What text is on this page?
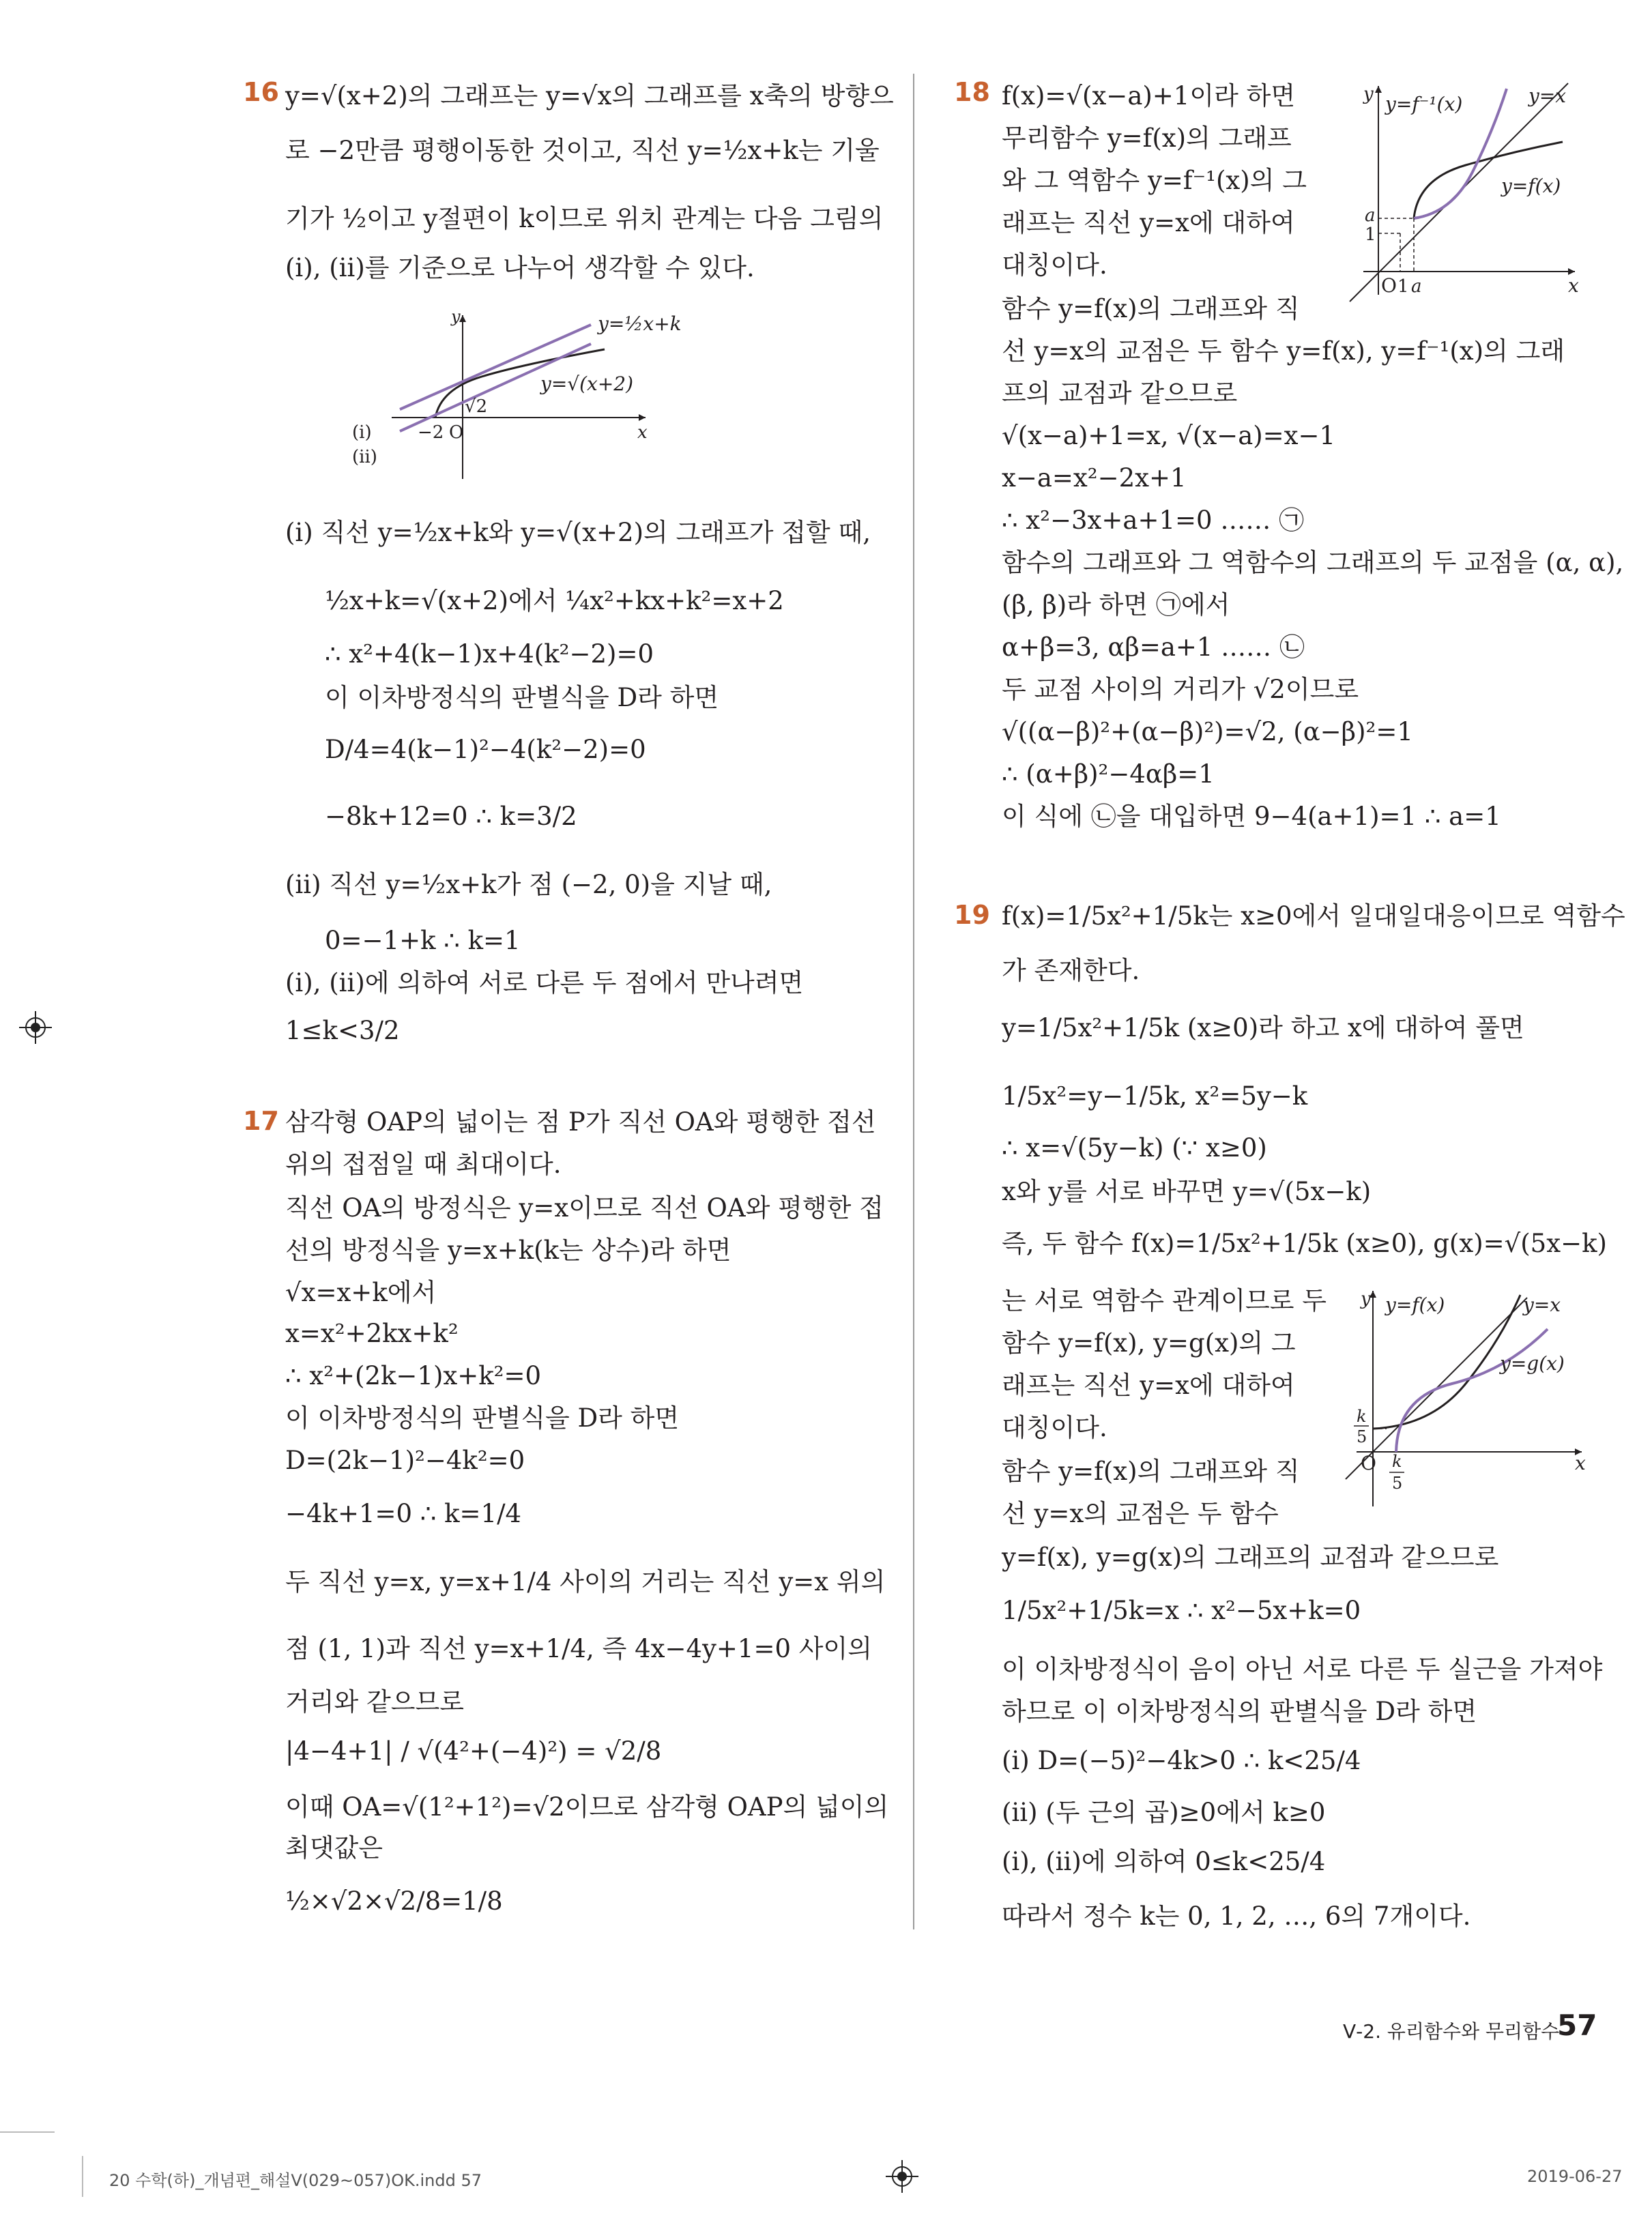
16 y=√(x+2)의 그래프는 y=√x의 그래프를 x축의 방향으
로 −2만큼 평행이동한 것이고, 직선 y=½x+k는 기울
기가 ½이고 y절편이 k이므로 위치 관계는 다음 그림의
(ⅰ), (ⅱ)를 기준으로 나누어 생각할 수 있다.
y
x
O
−2
√2
y=½x+k
y=√(x+2)
(ⅰ)
(ⅱ)
(ⅰ) 직선 y=½x+k와 y=√(x+2)의 그래프가 접할 때,
½x+k=√(x+2)에서 ¼x²+kx+k²=x+2
∴ x²+4(k−1)x+4(k²−2)=0
이 이차방정식의 판별식을 D라 하면
D/4=4(k−1)²−4(k²−2)=0
−8k+12=0 ∴ k=3/2
(ⅱ) 직선 y=½x+k가 점 (−2, 0)을 지날 때,
0=−1+k ∴ k=1
(ⅰ), (ⅱ)에 의하여 서로 다른 두 점에서 만나려면
1≤k<3/2
17 삼각형 OAP의 넓이는 점 P가 직선 OA와 평행한 접선
위의 접점일 때 최대이다.
직선 OA의 방정식은 y=x이므로 직선 OA와 평행한 접
선의 방정식을 y=x+k(k는 상수)라 하면
√x=x+k에서
x=x²+2kx+k²
∴ x²+(2k−1)x+k²=0
이 이차방정식의 판별식을 D라 하면
D=(2k−1)²−4k²=0
−4k+1=0 ∴ k=1/4
두 직선 y=x, y=x+1/4 사이의 거리는 직선 y=x 위의
점 (1, 1)과 직선 y=x+1/4, 즉 4x−4y+1=0 사이의
거리와 같으므로
|4−4+1| / √(4²+(−4)²) = √2/8
이때 OA=√(1²+1²)=√2이므로 삼각형 OAP의 넓이의
최댓값은
½×√2×√2/8=1/8
18 f(x)=√(x−a)+1이라 하면
무리함수 y=f(x)의 그래프
와 그 역함수 y=f⁻¹(x)의 그
래프는 직선 y=x에 대하여
대칭이다.
y
x
O
y=f⁻¹(x)	y=x
y=f(x)
a
1
1 a
함수 y=f(x)의 그래프와 직
선 y=x의 교점은 두 함수 y=f(x), y=f⁻¹(x)의 그래
프의 교점과 같으므로
√(x−a)+1=x, √(x−a)=x−1
x−a=x²−2x+1
∴ x²−3x+a+1=0 …… ㉠
함수의 그래프와 그 역함수의 그래프의 두 교점을 (α, α),
(β, β)라 하면 ㉠에서
α+β=3, αβ=a+1 …… ㉡
두 교점 사이의 거리가 √2이므로
√((α−β)²+(α−β)²)=√2, (α−β)²=1
∴ (α+β)²−4αβ=1
이 식에 ㉡을 대입하면 9−4(a+1)=1 ∴ a=1
19 f(x)=1/5x²+1/5k는 x≥0에서 일대일대응이므로 역함수
가 존재한다.
y=1/5x²+1/5k (x≥0)라 하고 x에 대하여 풀면
1/5x²=y−1/5k, x²=5y−k
∴ x=√(5y−k) (∵ x≥0)
x와 y를 서로 바꾸면 y=√(5x−k)
즉, 두 함수 f(x)=1/5x²+1/5k (x≥0), g(x)=√(5x−k)
는 서로 역함수 관계이므로 두
함수 y=f(x), y=g(x)의 그
래프는 직선 y=x에 대하여
대칭이다.
함수 y=f(x)의 그래프와 직
선 y=x의 교점은 두 함수
y
x
O
y=f(x)	y=x
y=g(x)
k
5
k
5
y=f(x), y=g(x)의 그래프의 교점과 같으므로
1/5x²+1/5k=x ∴ x²−5x+k=0
이 이차방정식이 음이 아닌 서로 다른 두 실근을 가져야
하므로 이 이차방정식의 판별식을 D라 하면
(ⅰ) D=(−5)²−4k>0 ∴ k<25/4
(ⅱ) (두 근의 곱)≥0에서 k≥0
(ⅰ), (ⅱ)에 의하여 0≤k<25/4
따라서 정수 k는 0, 1, 2, …, 6의 7개이다.
Ⅴ-2. 유리함수와 무리함수
57
20 수학(하)_개념편_해설Ⅴ(029~057)OK.indd 57	2019-06-27
